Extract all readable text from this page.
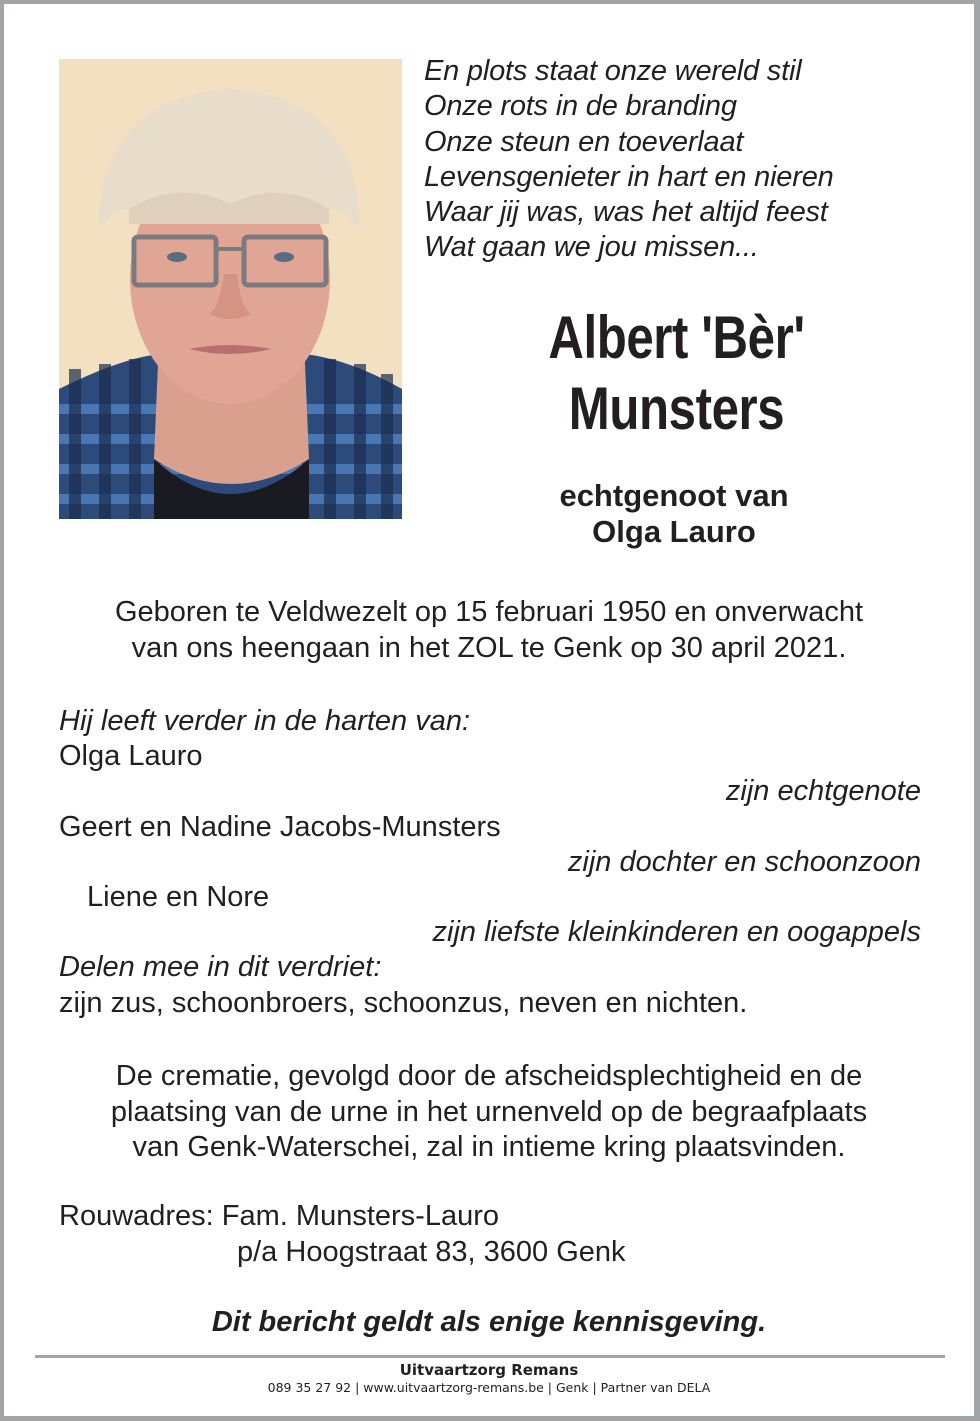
En plots staat onze wereld stil
Onze rots in de branding
Onze steun en toeverlaat
Levensgenieter in hart en nieren
Waar jij was, was het altijd feest
Wat gaan we jou missen...
Albert 'Bèr'
Munsters
echtgenoot van
Olga Lauro
Geboren te Veldwezelt op 15 februari 1950 en onverwacht
van ons heengaan in het ZOL te Genk op 30 april 2021.
Hij leeft verder in de harten van:
Olga Lauro
zijn echtgenote
Geert en Nadine Jacobs-Munsters
zijn dochter en schoonzoon
Liene en Nore
zijn liefste kleinkinderen en oogappels
Delen mee in dit verdriet:
zijn zus, schoonbroers, schoonzus, neven en nichten.
De crematie, gevolgd door de afscheidsplechtigheid en de
plaatsing van de urne in het urnenveld op de begraafplaats
van Genk-Waterschei, zal in intieme kring plaatsvinden.
Rouwadres: Fam. Munsters-Lauro
p/a Hoogstraat 83, 3600 Genk
Dit bericht geldt als enige kennisgeving.
Uitvaartzorg Remans
089 35 27 92 | www.uitvaartzorg-remans.be | Genk | Partner van DELA
